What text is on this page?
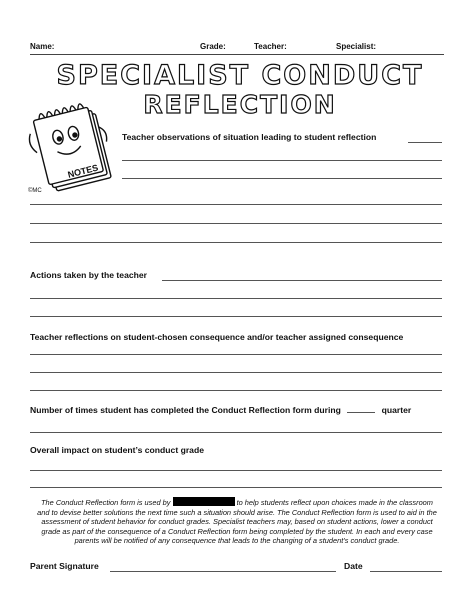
Name:	Grade:	Teacher:	Specialist:
SPECIALIST CONDUCT
REFLECTION
NOTES
©MC
Teacher observations of situation leading to student reflection
Actions taken by the teacher
Teacher reflections on student-chosen consequence and/or teacher assigned consequence
Number of times student has completed the Conduct Reflection form during	quarter
Overall impact on student’s conduct grade
The Conduct Reflection form is used by	to help students reflect upon choices made in the classroom and to devise better solutions the next time such a situation should arise. The Conduct Reflection form is used to aid in the assessment of student behavior for conduct grades. Specialist teachers may, based on student actions, lower a conduct grade as part of the consequence of a Conduct Reflection form being completed by the student. In each and every case parents will be notified of any consequence that leads to the changing of a student’s conduct grade.
Parent Signature	Date
